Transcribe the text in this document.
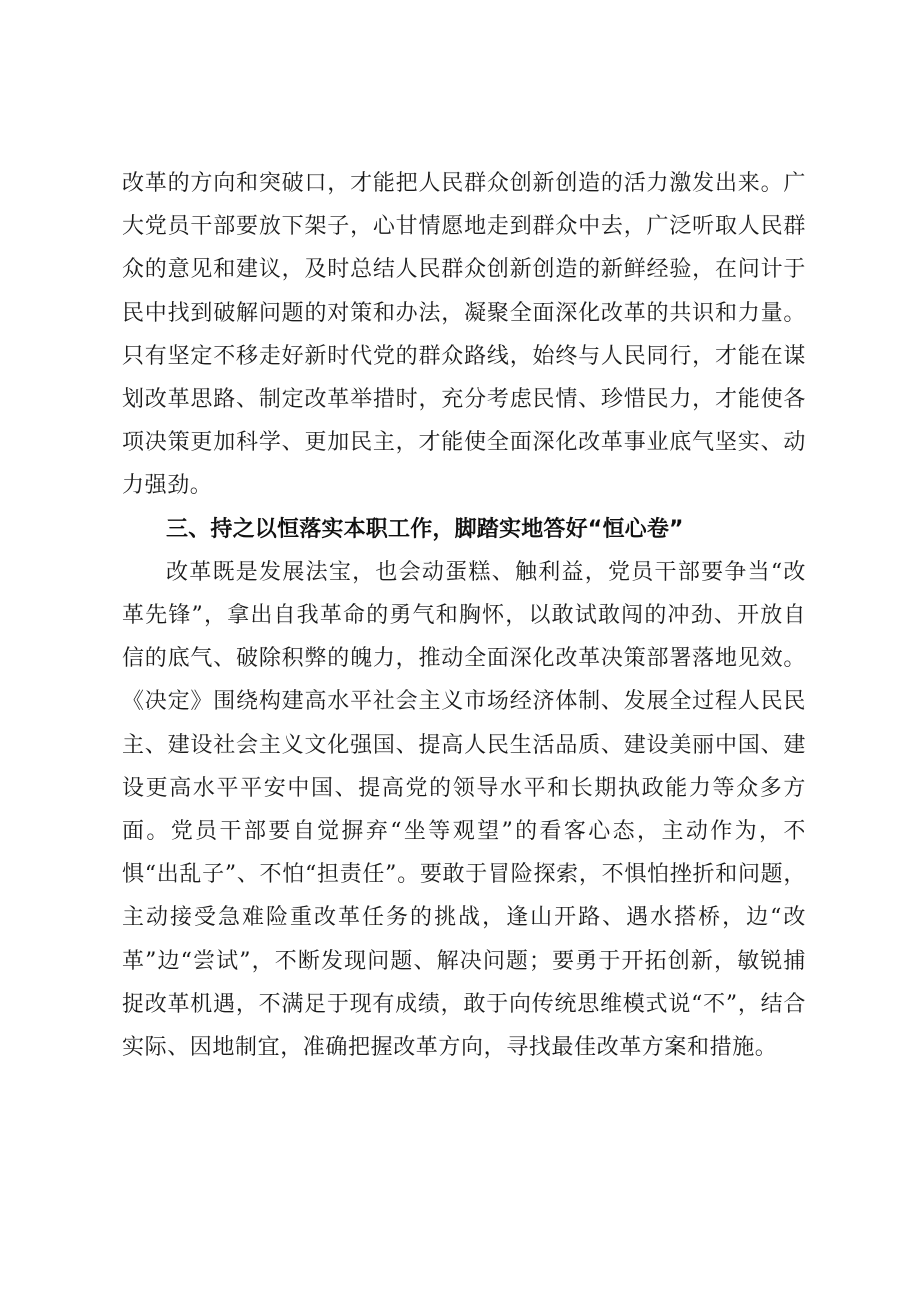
改革的方向和突破口，才能把人民群众创新创造的活力激发出来。广大党员干部要放下架子，心甘情愿地走到群众中去，广泛听取人民群众的意见和建议，及时总结人民群众创新创造的新鲜经验，在问计于民中找到破解问题的对策和办法，凝聚全面深化改革的共识和力量。只有坚定不移走好新时代党的群众路线，始终与人民同行，才能在谋划改革思路、制定改革举措时，充分考虑民情、珍惜民力，才能使各项决策更加科学、更加民主，才能使全面深化改革事业底气坚实、动力强劲。

三、持之以恒落实本职工作，脚踏实地答好“恒心卷”

改革既是发展法宝，也会动蛋糕、触利益，党员干部要争当“改革先锋”，拿出自我革命的勇气和胸怀，以敢试敢闯的冲劲、开放自信的底气、破除积弊的魄力，推动全面深化改革决策部署落地见效。《决定》围绕构建高水平社会主义市场经济体制、发展全过程人民民主、建设社会主义文化强国、提高人民生活品质、建设美丽中国、建设更高水平平安中国、提高党的领导水平和长期执政能力等众多方面。党员干部要自觉摒弃“坐等观望”的看客心态，主动作为，不惧“出乱子”、不怕“担责任”。要敢于冒险探索，不惧怕挫折和问题，主动接受急难险重改革任务的挑战，逢山开路、遇水搭桥，边“改革”边“尝试”，不断发现问题、解决问题；要勇于开拓创新，敏锐捕捉改革机遇，不满足于现有成绩，敢于向传统思维模式说“不”，结合实际、因地制宜，准确把握改革方向，寻找最佳改革方案和措施。
